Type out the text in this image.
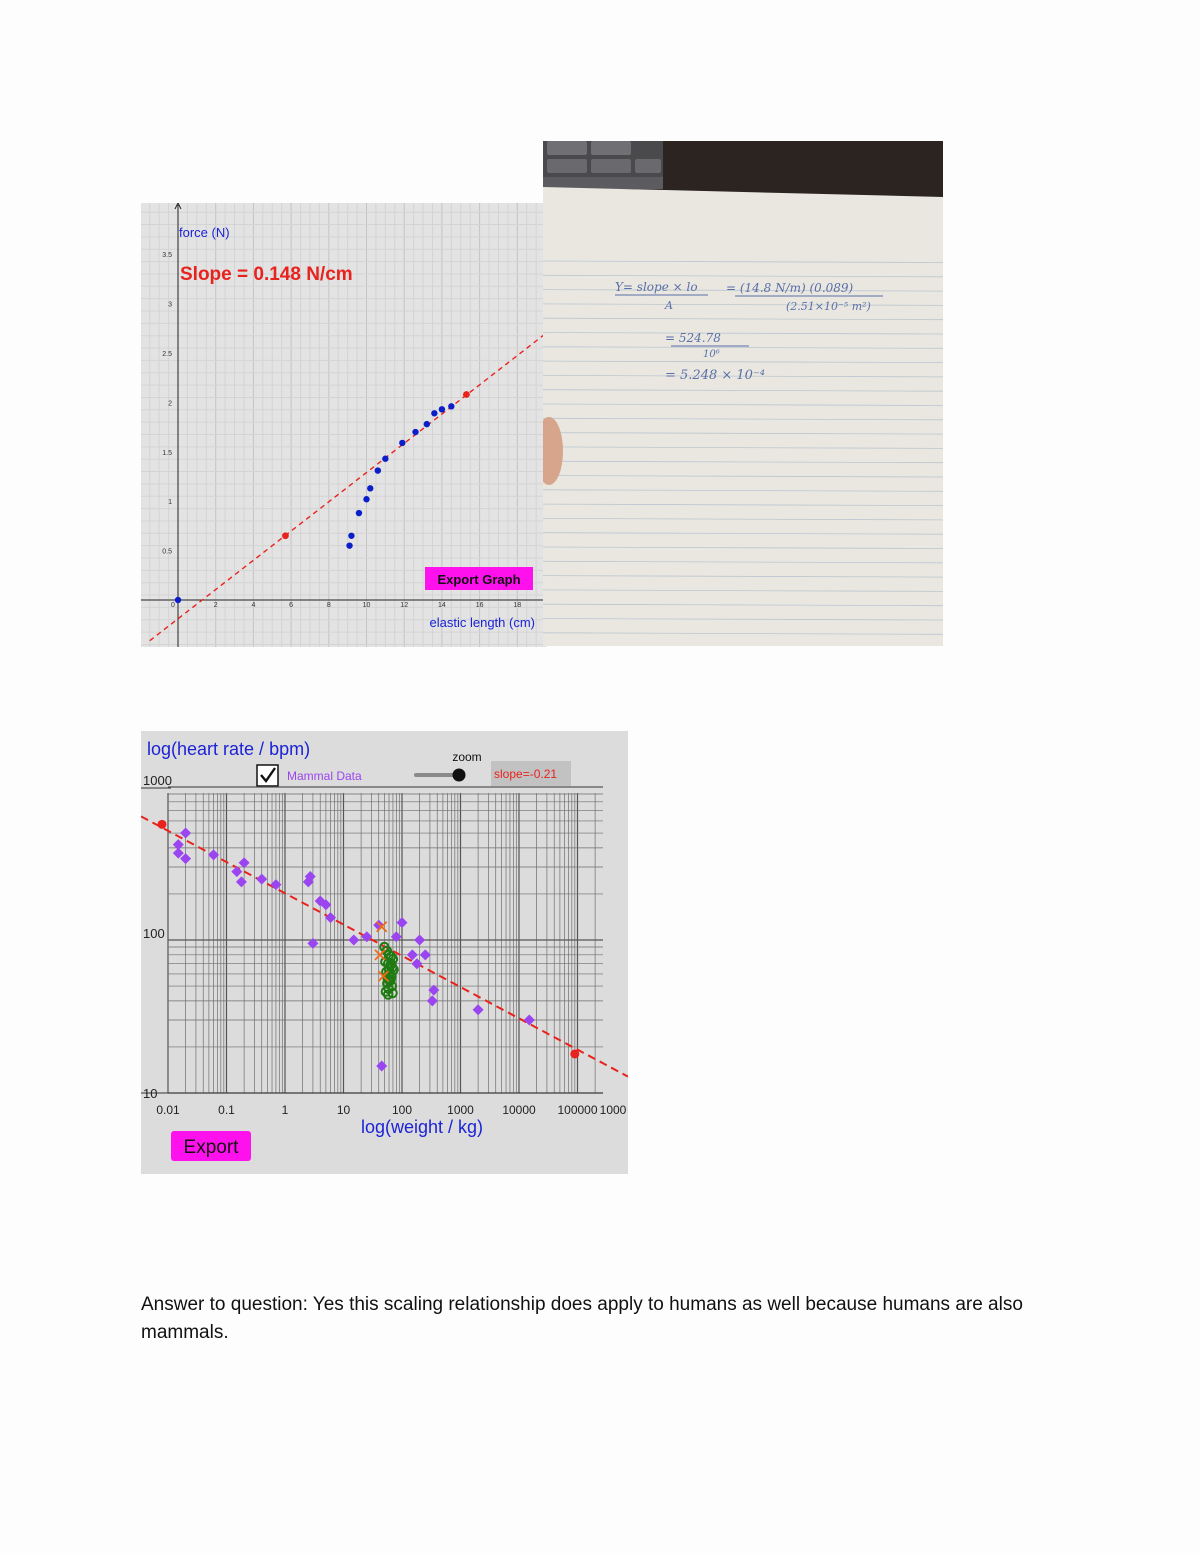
0	2	4	6	8	10	12	14	16	18
0.5
1
1.5
2
2.5
3
3.5
force (N)
Slope = 0.148 N/cm
Export Graph
elastic length (cm)
Y= slope × lo
A
= (14.8 N/m) (0.089)
(2.51×10⁻⁵ m²)
= 524.78
10⁶
= 5.248 × 10⁻⁴
log(heart rate / bpm)
Mammal Data
zoom
slope=-0.21
1000
100
10
0.01	0.1	1	10	100	1000 10000 100000 1000
log(weight / kg)
Export

Answer to question: Yes this scaling relationship does apply to humans as well because humans are also mammals.
